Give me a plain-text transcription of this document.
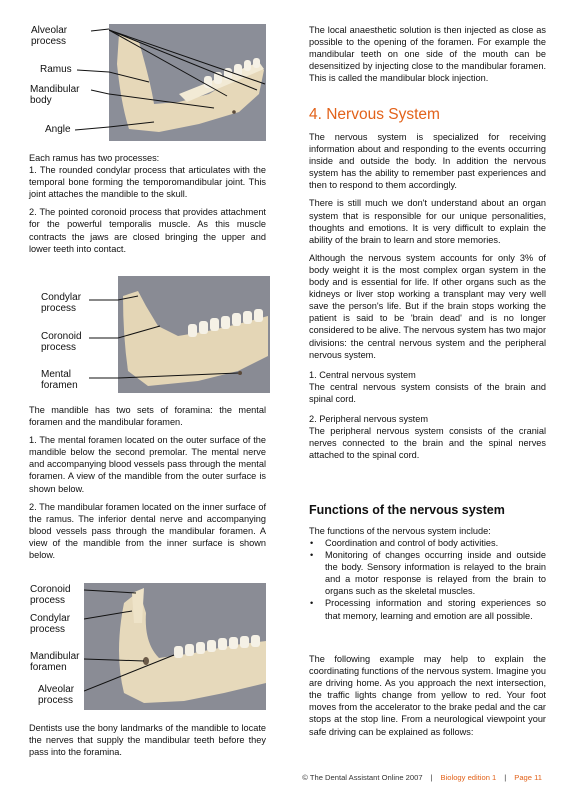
Alveolar process
Ramus
Mandibular body
Angle

Each ramus has two processes:
1. The rounded condylar process that articulates with the temporal bone forming the temporomandibular joint. This joint attaches the mandible to the skull.

2. The pointed coronoid process that provides attachment for the powerful temporalis muscle. As this muscle contracts the jaws are closed bringing the upper and lower teeth into contact.

Condylar process
Coronoid process
Mental foramen

The mandible has two sets of foramina: the mental foramen and the mandibular foramen.

1. The mental foramen located on the outer surface of the mandible below the second premolar. The mental nerve and accompanying blood vessels pass through the mental foramen. A view of the mandible from the outer surface is shown below.

2. The mandibular foramen located on the inner surface of the ramus. The inferior dental nerve and accompanying blood vessels pass through the mandibular foramen. A view of the mandible from the inner surface is shown below.

Coronoid process
Condylar process
Mandibular foramen
Alveolar process

Dentists use the bony landmarks of the mandible to locate the nerves that supply the mandibular teeth before they pass into the foramina.

The local anaesthetic solution is then injected as close as possible to the opening of the foramen. For example the mandibular teeth on one side of the mouth can be desensitized by injecting close to the mandibular foramen. This is called the mandibular block injection.

4. Nervous System

The nervous system is specialized for receiving information about and responding to the events occurring inside and outside the body. In addition the nervous system has the ability to remember past experiences and then to respond to them accordingly.

There is still much we don't understand about an organ system that is responsible for our unique personalities, thoughts and emotions. It is very difficult to explain the ability of the brain to learn and store memories.

Although the nervous system accounts for only 3% of body weight it is the most complex organ system in the body and is essential for life. If other organs such as the kidneys or liver stop working a transplant may very well save the person's life. But if the brain stops working the patient is said to be 'brain dead' and is no longer considered to be alive. The nervous system has two major divisions: the central nervous system and the peripheral nervous system.

1. Central nervous system
The central nervous system consists of the brain and spinal cord.

2. Peripheral nervous system
The peripheral nervous system consists of the cranial nerves connected to the brain and the spinal nerves attached to the spinal cord.

Functions of the nervous system

The functions of the nervous system include:

• Coordination and control of body activities.
• Monitoring of changes occurring inside and outside the body. Sensory information is relayed to the brain and a motor response is relayed from the brain to organs such as the skeletal muscles.
• Processing information and storing experiences so that memory, learning and emotion are all possible.

The following example may help to explain the coordinating functions of the nervous system. Imagine you are driving home. As you approach the next intersection, the traffic lights change from yellow to red. Your foot moves from the accelerator to the brake pedal and the car stops at the stop line. From a neurological viewpoint your safe driving can be explained as follows:

© The Dental Assistant Online 2007 | Biology edition 1 | Page 11
